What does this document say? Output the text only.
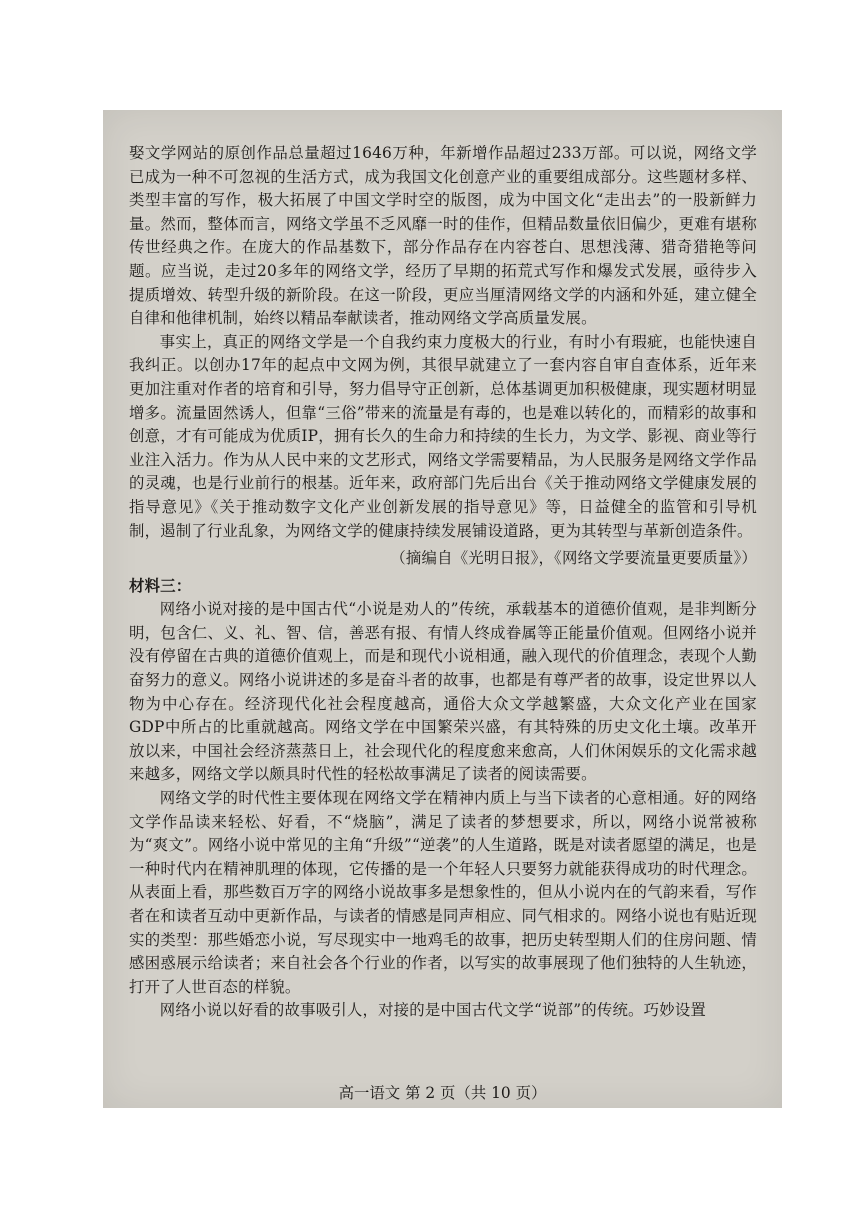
娶文学网站的原创作品总量超过1646万种，年新增作品超过233万部。可以说，网络文学已成为一种不可忽视的生活方式，成为我国文化创意产业的重要组成部分。这些题材多样、类型丰富的写作，极大拓展了中国文学时空的版图，成为中国文化“走出去”的一股新鲜力量。然而，整体而言，网络文学虽不乏风靡一时的佳作，但精品数量依旧偏少，更难有堪称传世经典之作。在庞大的作品基数下，部分作品存在内容苍白、思想浅薄、猎奇猎艳等问题。应当说，走过20多年的网络文学，经历了早期的拓荒式写作和爆发式发展，亟待步入提质增效、转型升级的新阶段。在这一阶段，更应当厘清网络文学的内涵和外延，建立健全自律和他律机制，始终以精品奉献读者，推动网络文学高质量发展。

事实上，真正的网络文学是一个自我约束力度极大的行业，有时小有瑕疵，也能快速自我纠正。以创办17年的起点中文网为例，其很早就建立了一套内容自审自查体系，近年来更加注重对作者的培育和引导，努力倡导守正创新，总体基调更加积极健康，现实题材明显增多。流量固然诱人，但靠“三俗”带来的流量是有毒的，也是难以转化的，而精彩的故事和创意，才有可能成为优质IP，拥有长久的生命力和持续的生长力，为文学、影视、商业等行业注入活力。作为从人民中来的文艺形式，网络文学需要精品，为人民服务是网络文学作品的灵魂，也是行业前行的根基。近年来，政府部门先后出台《关于推动网络文学健康发展的指导意见》《关于推动数字文化产业创新发展的指导意见》等，日益健全的监管和引导机制，遏制了行业乱象，为网络文学的健康持续发展铺设道路，更为其转型与革新创造条件。

（摘编自《光明日报》，《网络文学要流量更要质量》）

材料三：

网络小说对接的是中国古代“小说是劝人的”传统，承载基本的道德价值观，是非判断分明，包含仁、义、礼、智、信，善恶有报、有情人终成眷属等正能量价值观。但网络小说并没有停留在古典的道德价值观上，而是和现代小说相通，融入现代的价值理念，表现个人勤奋努力的意义。网络小说讲述的多是奋斗者的故事，也都是有尊严者的故事，设定世界以人物为中心存在。经济现代化社会程度越高，通俗大众文学越繁盛，大众文化产业在国家GDP中所占的比重就越高。网络文学在中国繁荣兴盛，有其特殊的历史文化土壤。改革开放以来，中国社会经济蒸蒸日上，社会现代化的程度愈来愈高，人们休闲娱乐的文化需求越来越多，网络文学以颇具时代性的轻松故事满足了读者的阅读需要。

网络文学的时代性主要体现在网络文学在精神内质上与当下读者的心意相通。好的网络文学作品读来轻松、好看，不“烧脑”，满足了读者的梦想要求，所以，网络小说常被称为“爽文”。网络小说中常见的主角“升级”“逆袭”的人生道路，既是对读者愿望的满足，也是一种时代内在精神肌理的体现，它传播的是一个年轻人只要努力就能获得成功的时代理念。从表面上看，那些数百万字的网络小说故事多是想象性的，但从小说内在的气韵来看，写作者在和读者互动中更新作品，与读者的情感是同声相应、同气相求的。网络小说也有贴近现实的类型：那些婚恋小说，写尽现实中一地鸡毛的故事，把历史转型期人们的住房问题、情感困惑展示给读者；来自社会各个行业的作者，以写实的故事展现了他们独特的人生轨迹，打开了人世百态的样貌。

网络小说以好看的故事吸引人，对接的是中国古代文学“说部”的传统。巧妙设置

高一语文 第 2 页（共 10 页）
